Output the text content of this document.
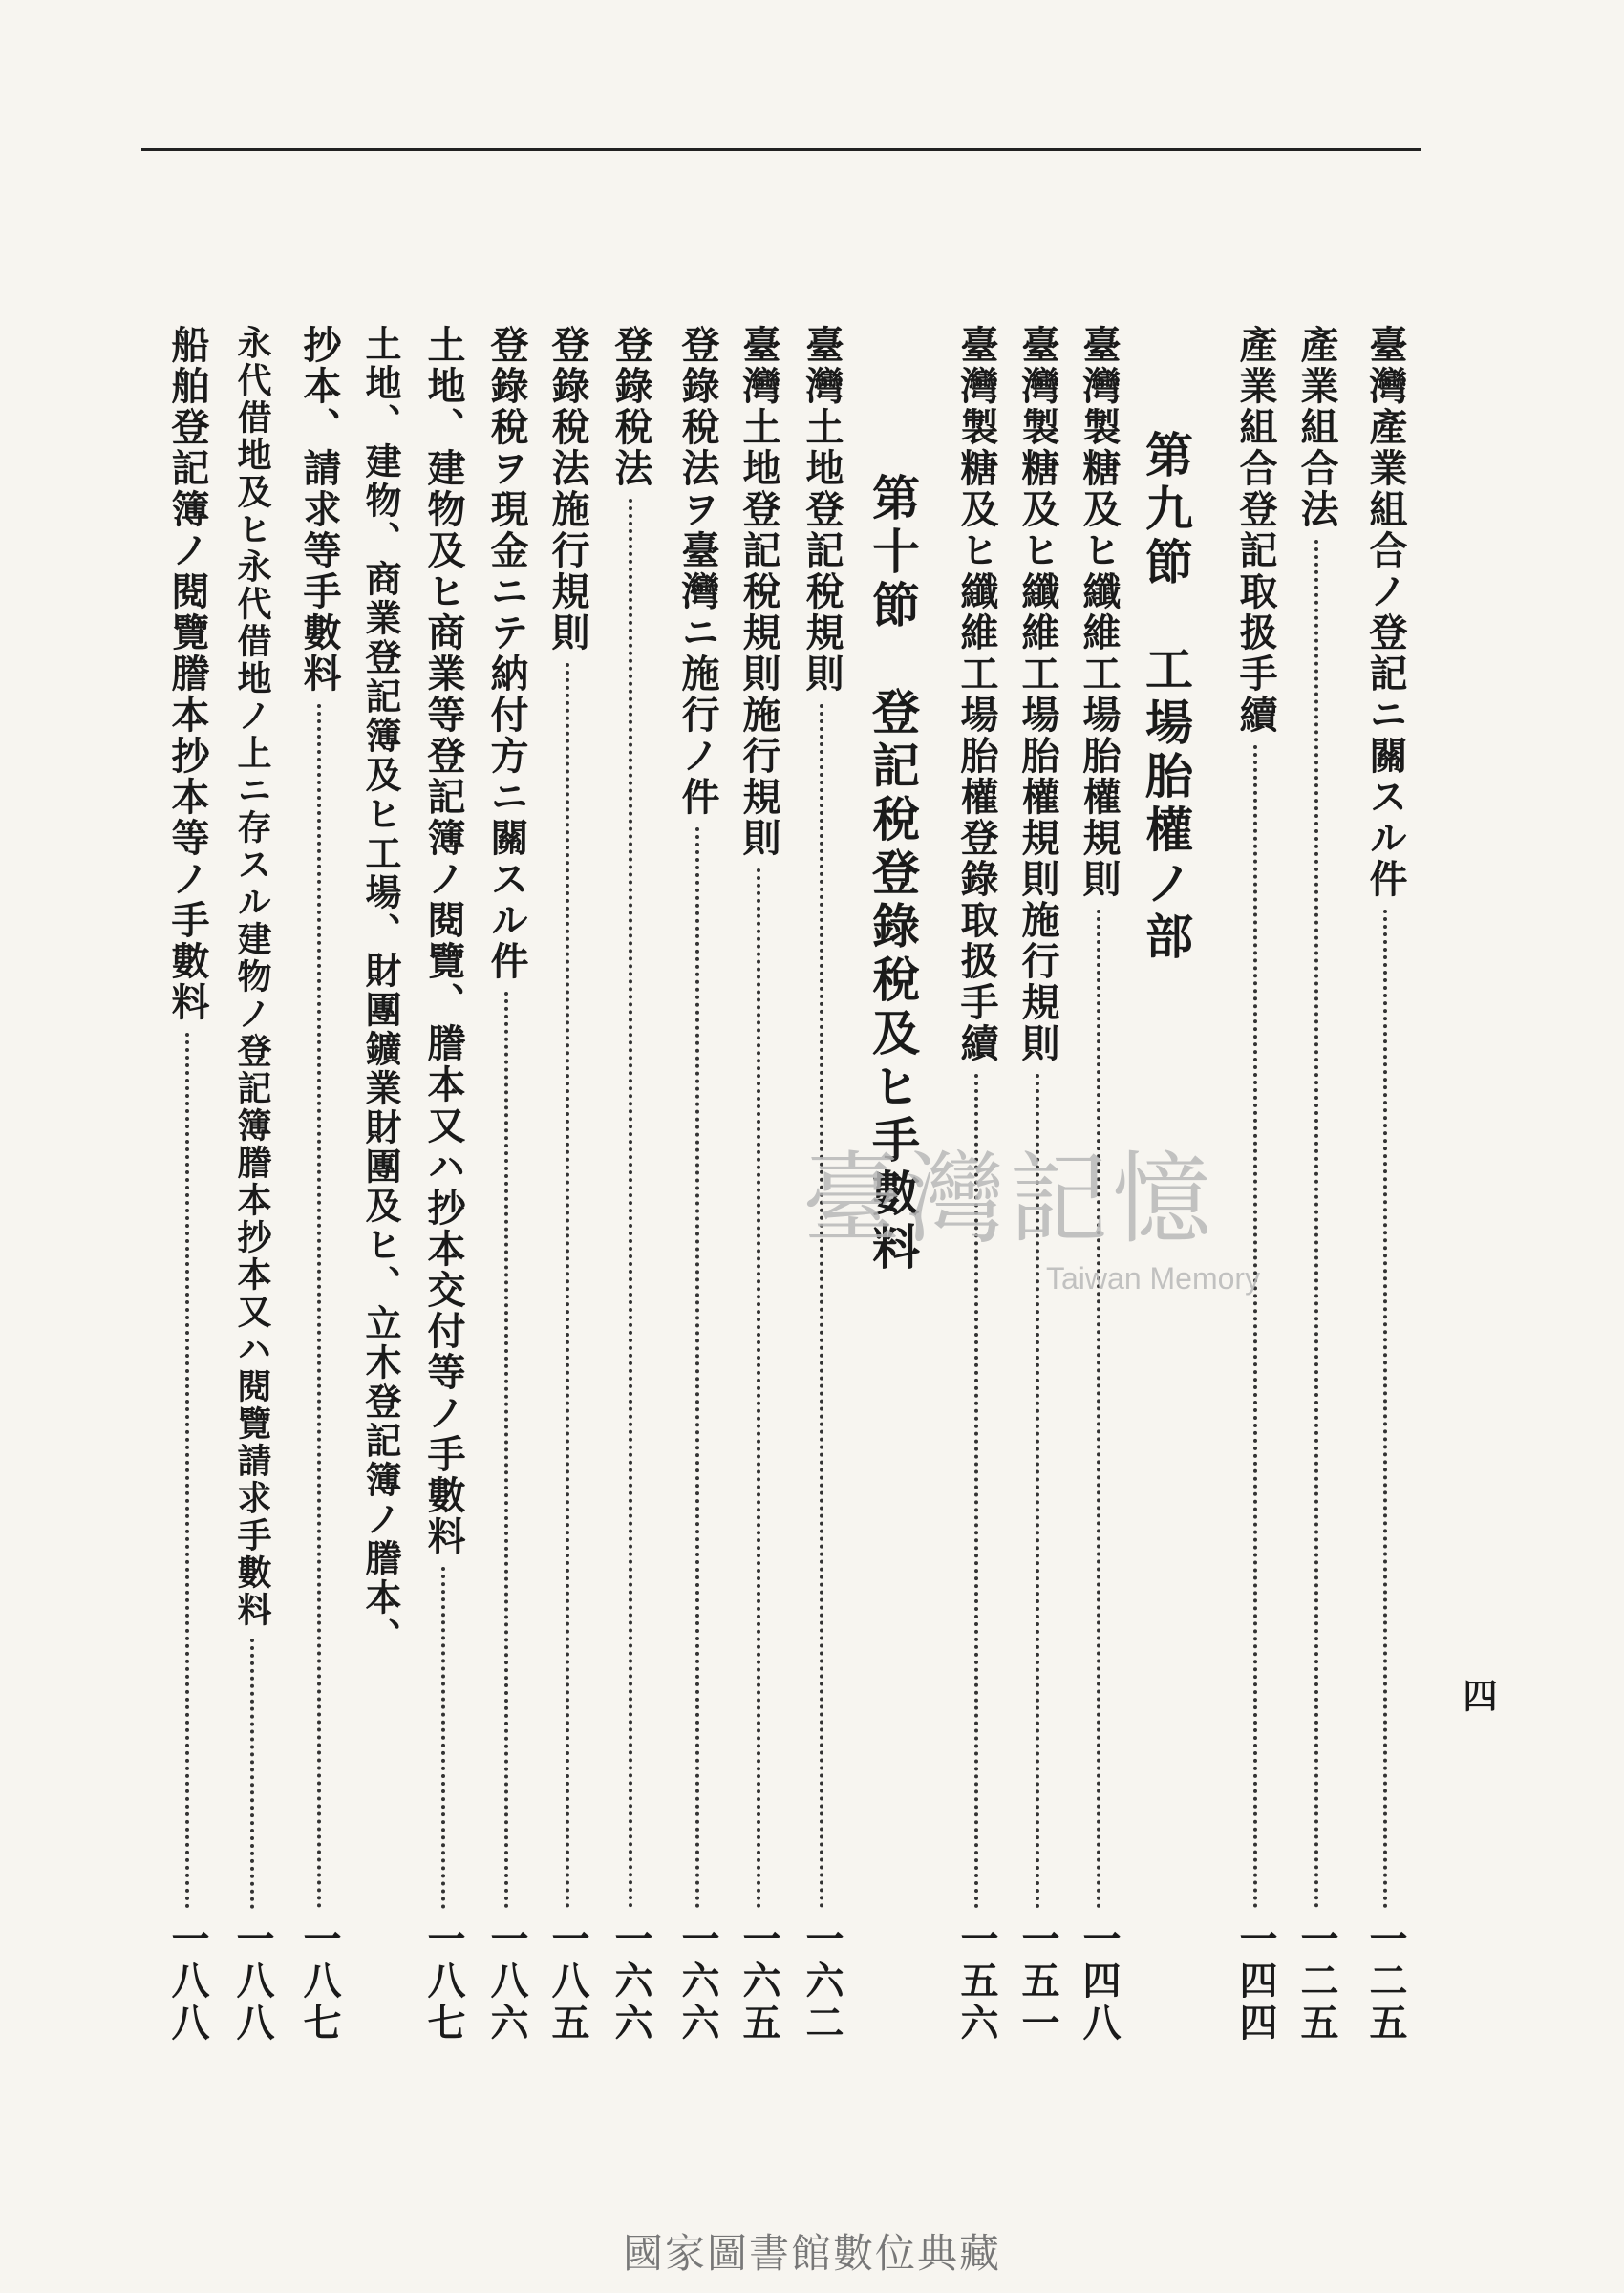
四
臺灣產業組合ノ登記ニ關スル件
一二五
產業組合法
一二五
產業組合登記取扱手續
一四四
第九節　工場胎權ノ部
臺灣製糖及ヒ纖維工場胎權規則
一四八
臺灣製糖及ヒ纖維工場胎權規則施行規則
一五一
臺灣製糖及ヒ纖維工場胎權登錄取扱手續
一五六
第十節　登記稅登錄稅及ヒ手數料
臺灣土地登記稅規則
一六二
臺灣土地登記稅規則施行規則
一六五
登錄稅法ヲ臺灣ニ施行ノ件
一六六
登錄稅法
一六六
登錄稅法施行規則
一八五
登錄稅ヲ現金ニテ納付方ニ關スル件
一八六
土地、建物及ヒ商業等登記簿ノ閱覽、謄本又ハ抄本交付等ノ手數料
一八七
土地、建物、商業登記簿及ヒ工場、財團鑛業財團及ヒ、立木登記簿ノ謄本、
抄本、請求等手數料
一八七
永代借地及ヒ永代借地ノ上ニ存スル建物ノ登記簿謄本抄本又ハ閱覽請求手數料
一八八
船舶登記簿ノ閱覽謄本抄本等ノ手數料
一八八
臺灣記憶
Taiwan Memory
國家圖書館數位典藏
